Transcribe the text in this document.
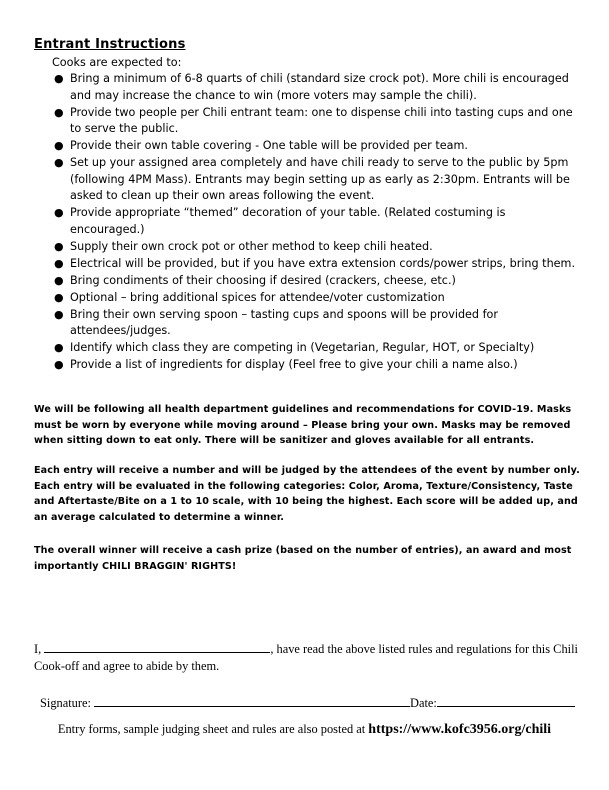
Entrant Instructions
Cooks are expected to:
● Bring a minimum of 6-8 quarts of chili (standard size crock pot). More chili is encouraged and may increase the chance to win (more voters may sample the chili).
● Provide two people per Chili entrant team: one to dispense chili into tasting cups and one to serve the public.
● Provide their own table covering - One table will be provided per team.
● Set up your assigned area completely and have chili ready to serve to the public by 5pm (following 4PM Mass). Entrants may begin setting up as early as 2:30pm. Entrants will be asked to clean up their own areas following the event.
● Provide appropriate “themed” decoration of your table. (Related costuming is encouraged.)
● Supply their own crock pot or other method to keep chili heated.
● Electrical will be provided, but if you have extra extension cords/power strips, bring them.
● Bring condiments of their choosing if desired (crackers, cheese, etc.)
● Optional – bring additional spices for attendee/voter customization
● Bring their own serving spoon – tasting cups and spoons will be provided for attendees/judges.
● Identify which class they are competing in (Vegetarian, Regular, HOT, or Specialty)
● Provide a list of ingredients for display (Feel free to give your chili a name also.)
We will be following all health department guidelines and recommendations for COVID-19. Masks must be worn by everyone while moving around – Please bring your own. Masks may be removed when sitting down to eat only. There will be sanitizer and gloves available for all entrants.
Each entry will receive a number and will be judged by the attendees of the event by number only. Each entry will be evaluated in the following categories: Color, Aroma, Texture/Consistency, Taste and Aftertaste/Bite on a 1 to 10 scale, with 10 being the highest. Each score will be added up, and an average calculated to determine a winner.
The overall winner will receive a cash prize (based on the number of entries), an award and most importantly CHILI BRAGGIN' RIGHTS!
I,	, have read the above listed rules and regulations for this Chili Cook-off and agree to abide by them.
Signature:	Date:
Entry forms, sample judging sheet and rules are also posted at https://www.kofc3956.org/chili
